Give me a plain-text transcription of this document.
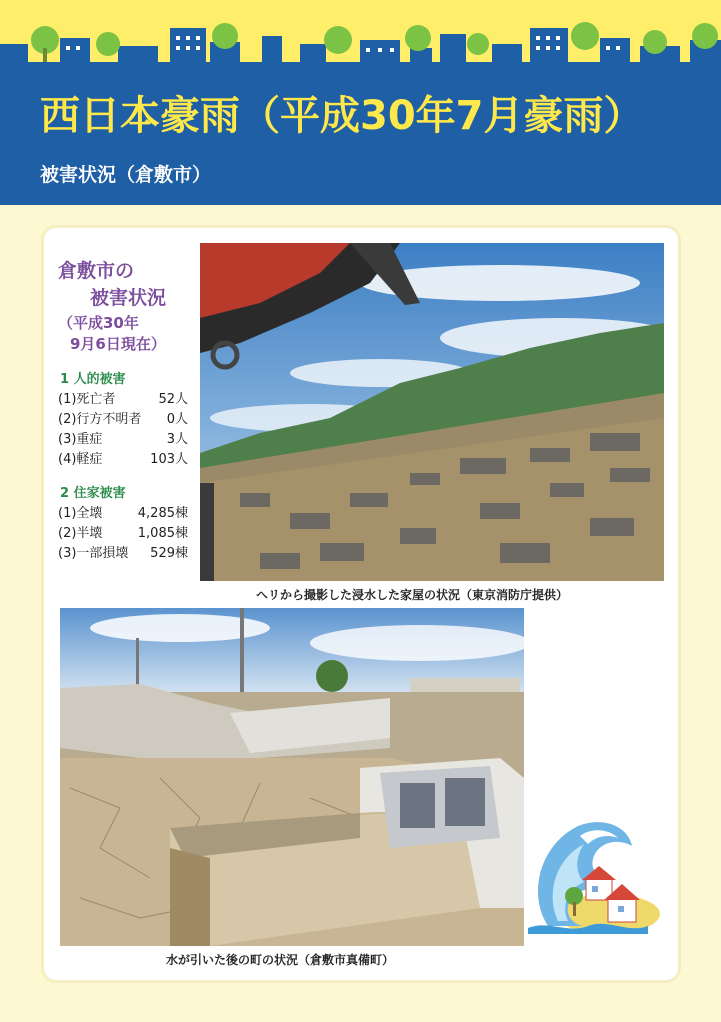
西日本豪雨（平成30年7月豪雨）
被害状況（倉敷市）
倉敷市の
被害状況
（平成30年
9月6日現在）
1 人的被害
(1)死亡者	52人
(2)行方不明者 0人
(3)重症	3人
(4)軽症	103人
2 住家被害
(1)全壊	4,285棟
(2)半壊	1,085棟
(3)一部損壊 529棟
ヘリから撮影した浸水した家屋の状況（東京消防庁提供）
水が引いた後の町の状況（倉敷市真備町）
